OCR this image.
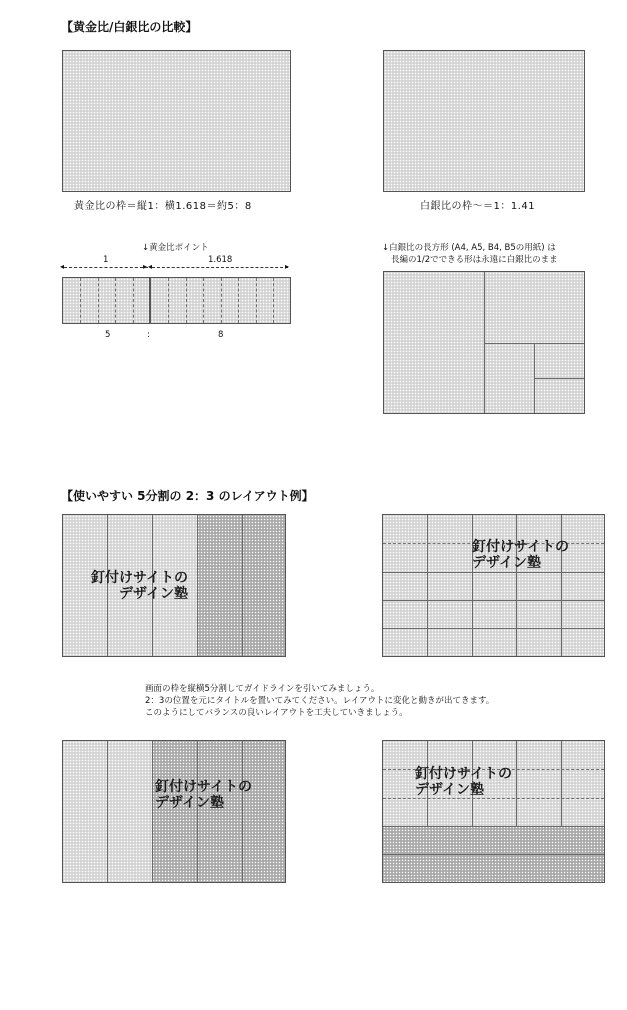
【黄金比/白銀比の比較】
黄金比の枠＝縦1：横1.618＝約5：8	白銀比の枠〜＝1：1.41
↓黄金比ポイント
◂	▸ ◂	▸
1	1.618
5	:	8
↓白銀比の長方形 (A4, A5, B4, B5の用紙) は
長編の1/2でできる形は永遠に白銀比のまま
【使いやすい 5分割の 2：3 のレイアウト例】
釘付けサイトの
デザイン塾
釘付けサイトの
デザイン塾
画面の枠を縦横5分割してガイドラインを引いてみましょう。
2：3の位置を元にタイトルを置いてみてください。レイアウトに変化と動きが出てきます。
このようにしてバランスの良いレイアウトを工夫していきましょう。
釘付けサイトの
デザイン塾
釘付けサイトの
デザイン塾
